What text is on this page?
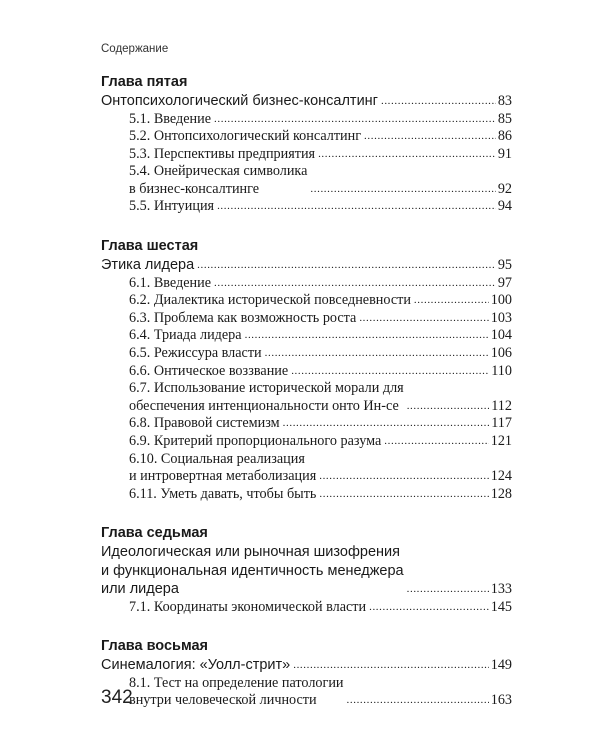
Содержание
Глава пятая
Онтопсихологический бизнес-консалтинг .....	83
5.1. Введение .....	85
5.2. Онтопсихологический консалтинг .....	86
5.3. Перспективы предприятия .....	91
5.4. Онейрическая символика
в бизнес-консалтинге .....	92
5.5. Интуиция .....	94
Глава шестая
Этика лидера .....	95
6.1. Введение .....	97
6.2. Диалектика исторической повседневности .....	100
6.3. Проблема как возможность роста .....	103
6.4. Триада лидера .....	104
6.5. Режиссура власти .....	106
6.6. Онтическое воззвание .....	110
6.7. Использование исторической морали для
обеспечения интенциональности онто Ин-се .....	112
6.8. Правовой системизм .....	117
6.9. Критерий пропорционального разума .....	121
6.10. Социальная реализация
и интровертная метаболизация .....	124
6.11. Уметь давать, чтобы быть .....	128
Глава седьмая
Идеологическая или рыночная шизофрения
и функциональная идентичность менеджера
или лидера .....	133
7.1. Координаты экономической власти .....	145
Глава восьмая
Синемалогия: «Уолл-стрит» .....	149
8.1. Тест на определение патологии
внутри человеческой личности .....	163
342
